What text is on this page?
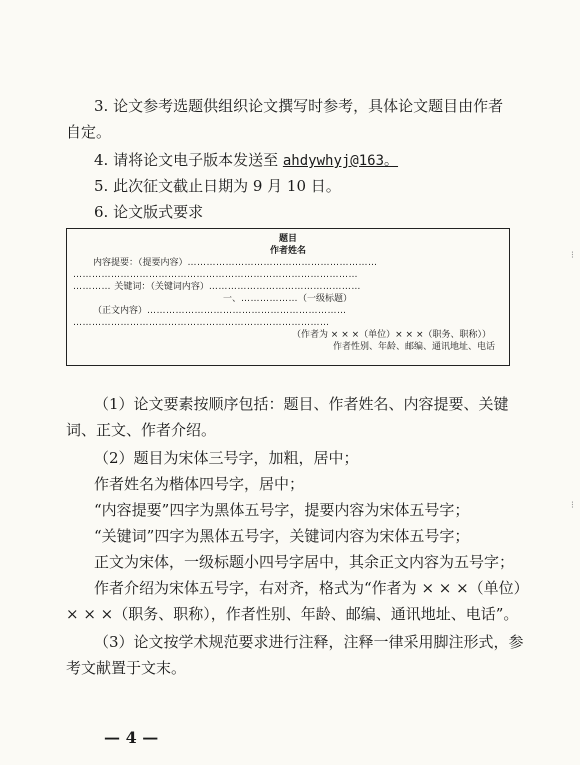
3. 论文参考选题供组织论文撰写时参考，具体论文题目由作者
自定。
4. 请将论文电子版本发送至 ahdywhyj@163。
5. 此次征文截止日期为 9 月 10 日。
6. 论文版式要求
题目
作者姓名
内容提要：（提要内容）……………………………………………………
………………………………………………………………………………
………… 关键词：（关键词内容）…………………………………………
一、………………（一级标题）
（正文内容）………………………………………………………
………………………………………………………………………
（作者为 × × ×（单位）× × ×（职务、职称））
作者性别、年龄、邮编、通讯地址、电话
（1）论文要素按顺序包括：题目、作者姓名、内容提要、关键
词、正文、作者介绍。
（2）题目为宋体三号字，加粗，居中；
作者姓名为楷体四号字，居中；
“内容提要”四字为黑体五号字，提要内容为宋体五号字；
“关键词”四字为黑体五号字，关键词内容为宋体五号字；
正文为宋体，一级标题小四号字居中，其余正文内容为五号字；
作者介绍为宋体五号字，右对齐，格式为“作者为 × × ×（单位）
× × ×（职务、职称），作者性别、年龄、邮编、通讯地址、电话”。
（3）论文按学术规范要求进行注释，注释一律采用脚注形式，参
考文献置于文末。
— 4 —
⁝
⁝
